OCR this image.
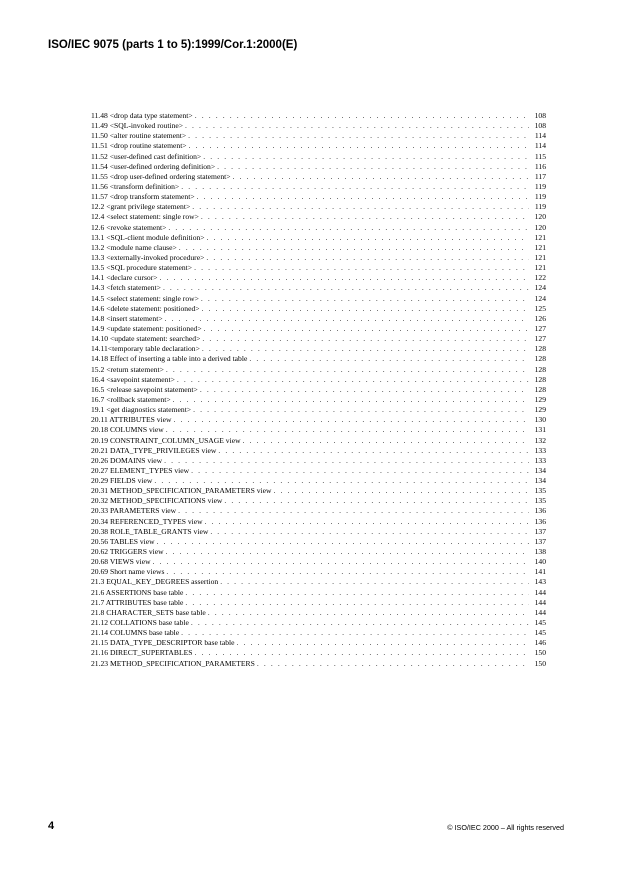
ISO/IEC 9075 (parts 1 to 5):1999/Cor.1:2000(E)
11.48 <drop data type statement> . . .	108
11.49 <SQL-invoked routine> . . .	108
11.50 <alter routine statement> . . .	114
11.51 <drop routine statement> . . .	114
11.52 <user-defined cast definition> . . .	115
11.54 <user-defined ordering definition> . . .	116
11.55 <drop user-defined ordering statement> . . .	117
11.56 <transform definition> . . .	119
11.57 <drop transform statement> . . .	119
12.2 <grant privilege statement> . . .	119
12.4 <select statement: single row> . . .	120
12.6 <revoke statement> . . .	120
13.1 <SQL-client module definition> . . .	121
13.2 <module name clause> . . .	121
13.3 <externally-invoked procedure> . . .	121
13.5 <SQL procedure statement> . . .	121
14.1 <declare cursor> . . .	122
14.3 <fetch statement> . . .	124
14.5 <select statement: single row> . . .	124
14.6 <delete statement: positioned> . . .	125
14.8 <insert statement> . . .	126
14.9 <update statement: positioned> . . .	127
14.10 <update statement: searched> . . .	127
14.11<temporary table declaration> . . .	128
14.18 Effect of inserting a table into a derived table . . .	128
15.2 <return statement> . . .	128
16.4 <savepoint statement> . . .	128
16.5 <release savepoint statement> . . .	128
16.7 <rollback statement> . . .	129
19.1 <get diagnostics statement> . . .	129
20.11 ATTRIBUTES view . . .	130
20.18 COLUMNS view . . .	131
20.19 CONSTRAINT_COLUMN_USAGE view . . .	132
20.21 DATA_TYPE_PRIVILEGES view . . .	133
20.26 DOMAINS view . . .	133
20.27 ELEMENT_TYPES view . . .	134
20.29 FIELDS view . . .	134
20.31 METHOD_SPECIFICATION_PARAMETERS view . . .	135
20.32 METHOD_SPECIFICATIONS view . . .	135
20.33 PARAMETERS view . . .	136
20.34 REFERENCED_TYPES view . . .	136
20.38 ROLE_TABLE_GRANTS view . . .	137
20.56 TABLES view . . .	137
20.62 TRIGGERS view . . .	138
20.68 VIEWS view . . .	140
20.69 Short name views . . .	141
21.3 EQUAL_KEY_DEGREES assertion . . .	143
21.6 ASSERTIONS base table . . .	144
21.7 ATTRIBUTES base table . . .	144
21.8 CHARACTER_SETS base table . . .	144
21.12 COLLATIONS base table . . .	145
21.14 COLUMNS base table . . .	145
21.15 DATA_TYPE_DESCRIPTOR base table . . .	146
21.16 DIRECT_SUPERTABLES . . .	150
21.23 METHOD_SPECIFICATION_PARAMETERS . . .	150
4	© ISO/IEC 2000 – All rights reserved
